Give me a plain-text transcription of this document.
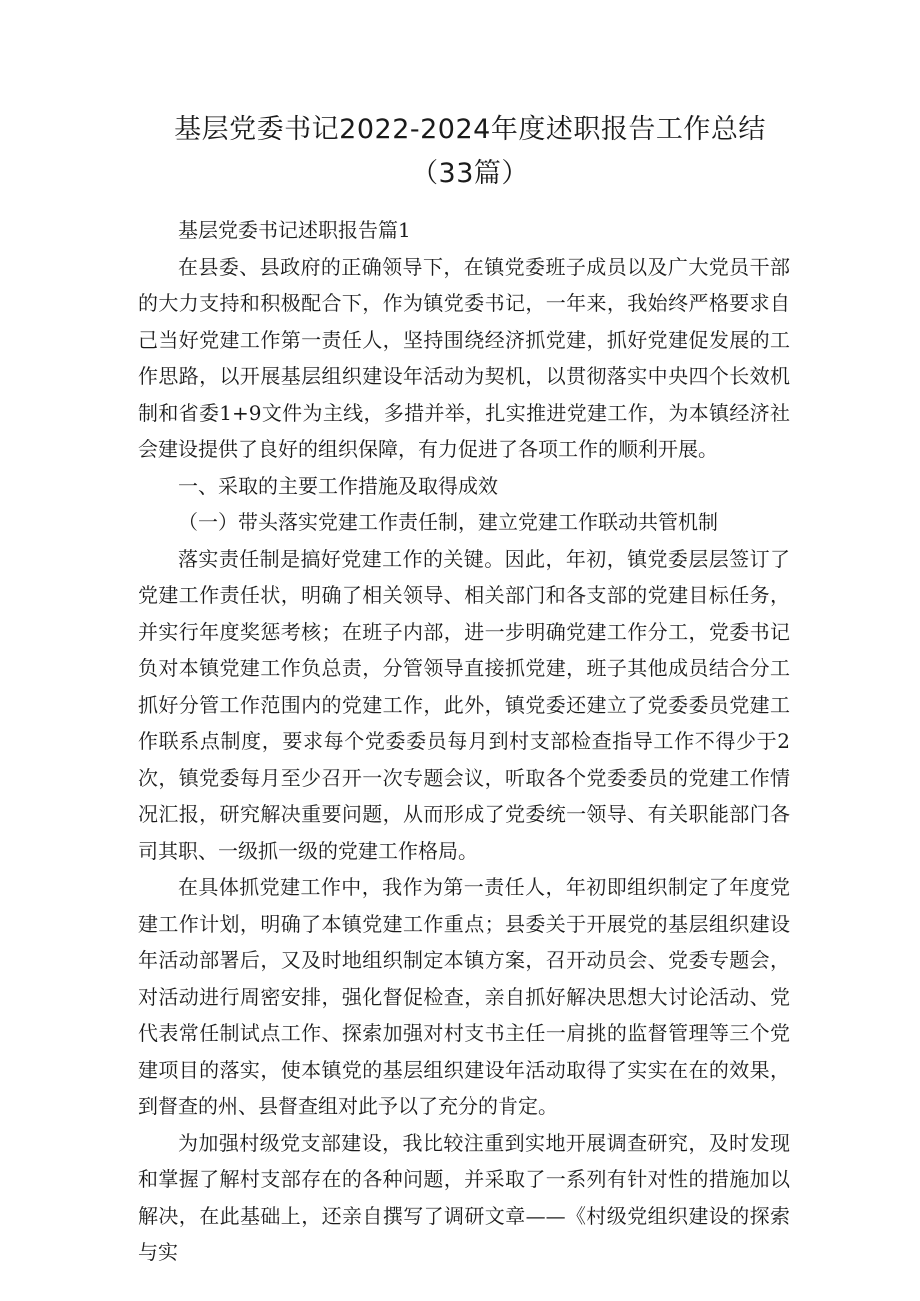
基层党委书记2022-2024年度述职报告工作总结（33篇）

基层党委书记述职报告篇1

在县委、县政府的正确领导下，在镇党委班子成员以及广大党员干部的大力支持和积极配合下，作为镇党委书记，一年来，我始终严格要求自己当好党建工作第一责任人，坚持围绕经济抓党建，抓好党建促发展的工作思路，以开展基层组织建设年活动为契机，以贯彻落实中央四个长效机制和省委1+9文件为主线，多措并举，扎实推进党建工作，为本镇经济社会建设提供了良好的组织保障，有力促进了各项工作的顺利开展。

一、采取的主要工作措施及取得成效

（一）带头落实党建工作责任制，建立党建工作联动共管机制

落实责任制是搞好党建工作的关键。因此，年初，镇党委层层签订了党建工作责任状，明确了相关领导、相关部门和各支部的党建目标任务，并实行年度奖惩考核；在班子内部，进一步明确党建工作分工，党委书记负对本镇党建工作负总责，分管领导直接抓党建，班子其他成员结合分工抓好分管工作范围内的党建工作，此外，镇党委还建立了党委委员党建工作联系点制度，要求每个党委委员每月到村支部检查指导工作不得少于2次，镇党委每月至少召开一次专题会议，听取各个党委委员的党建工作情况汇报，研究解决重要问题，从而形成了党委统一领导、有关职能部门各司其职、一级抓一级的党建工作格局。

在具体抓党建工作中，我作为第一责任人，年初即组织制定了年度党建工作计划，明确了本镇党建工作重点；县委关于开展党的基层组织建设年活动部署后，又及时地组织制定本镇方案，召开动员会、党委专题会，对活动进行周密安排，强化督促检查，亲自抓好解决思想大讨论活动、党代表常任制试点工作、探索加强对村支书主任一肩挑的监督管理等三个党建项目的落实，使本镇党的基层组织建设年活动取得了实实在在的效果，到督查的州、县督查组对此予以了充分的肯定。

为加强村级党支部建设，我比较注重到实地开展调查研究，及时发现和掌握了解村支部存在的各种问题，并采取了一系列有针对性的措施加以解决，在此基础上，还亲自撰写了调研文章——《村级党组织建设的探索与实
